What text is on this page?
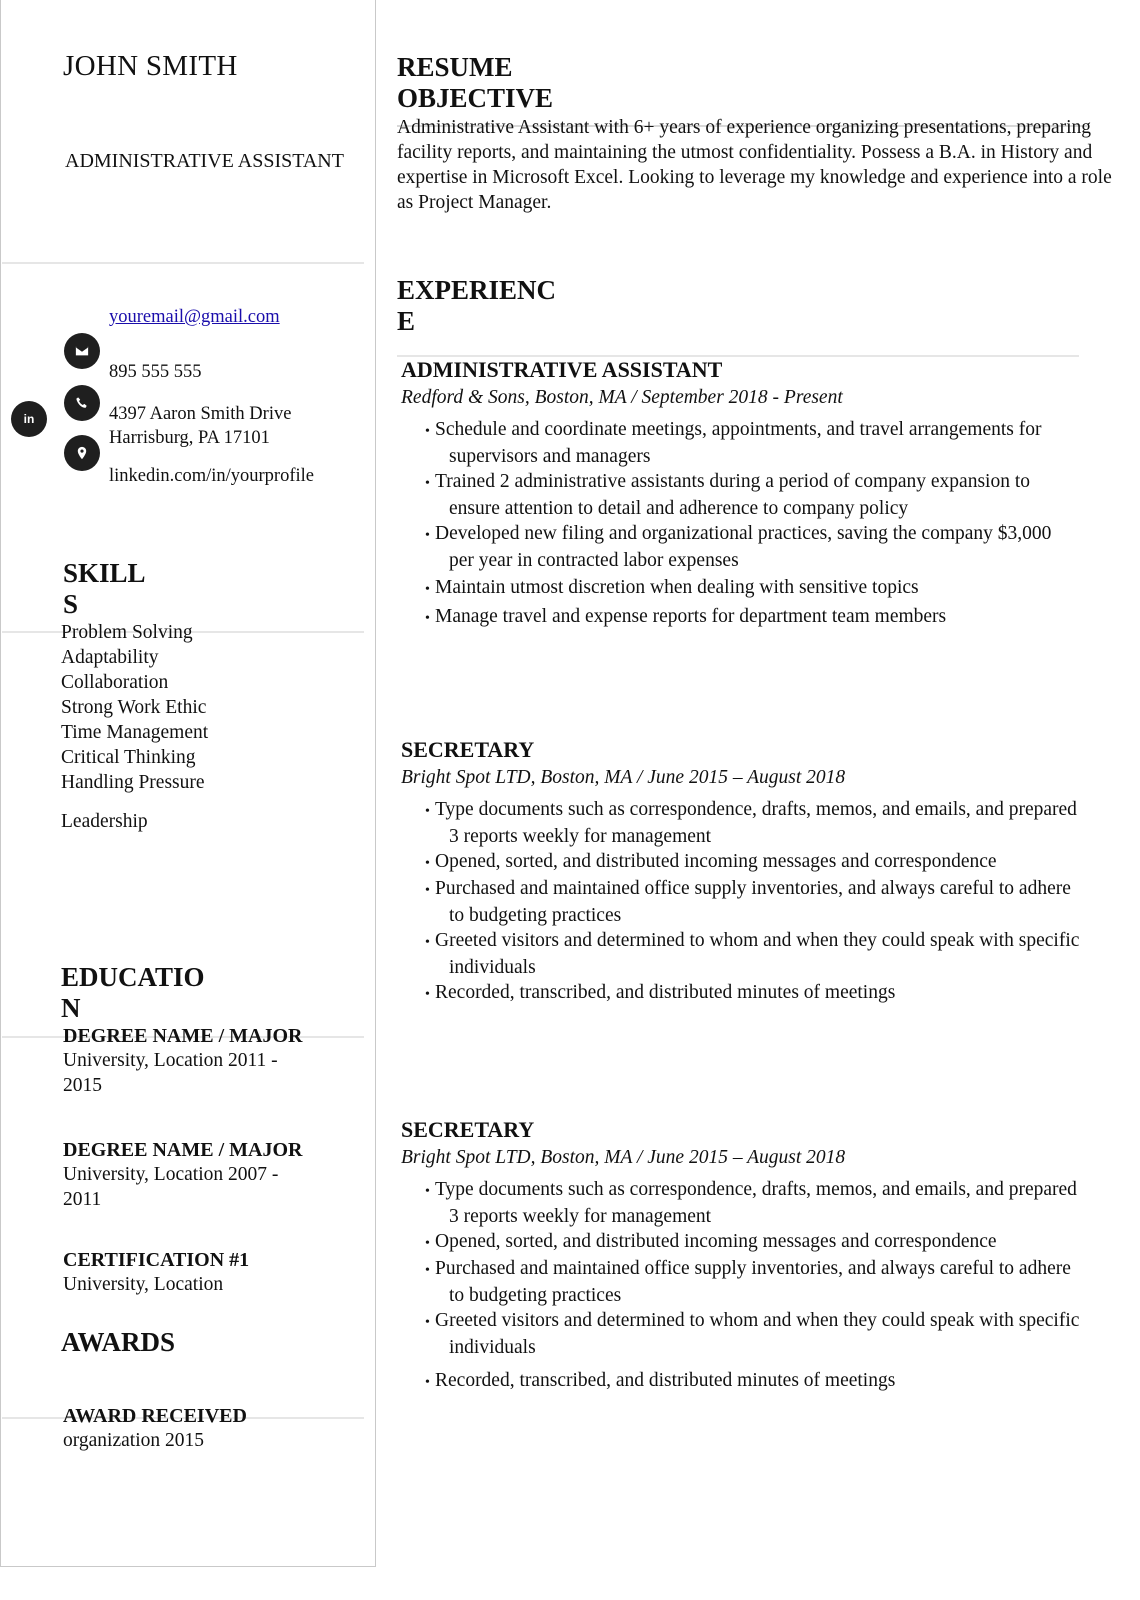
JOHN SMITH
ADMINISTRATIVE ASSISTANT
youremail@gmail.com
895 555 555
in	4397 Aaron Smith Drive
Harrisburg, PA 17101
linkedin.com/in/yourprofile
SKILL
S
Problem Solving
Adaptability
Collaboration
Strong Work Ethic
Time Management
Critical Thinking
Handling Pressure
Leadership
EDUCATIO
N
DEGREE NAME / MAJOR
University, Location 2011 -
2015
DEGREE NAME / MAJOR
University, Location 2007 -
2011
CERTIFICATION #1
University, Location
AWARDS
AWARD RECEIVED
organization 2015
RESUME
OBJECTIVE
Administrative Assistant with 6+ years of experience organizing presentations, preparing facility reports, and maintaining the utmost confidentiality. Possess a B.A. in History and expertise in Microsoft Excel. Looking to leverage my knowledge and experience into a role as Project Manager.
EXPERIENC
E
ADMINISTRATIVE ASSISTANT
Redford & Sons, Boston, MA / September 2018 - Present
• Schedule and coordinate meetings, appointments, and travel arrangements for supervisors and managers
• Trained 2 administrative assistants during a period of company expansion to ensure attention to detail and adherence to company policy
• Developed new filing and organizational practices, saving the company $3,000 per year in contracted labor expenses
• Maintain utmost discretion when dealing with sensitive topics
• Manage travel and expense reports for department team members
SECRETARY
Bright Spot LTD, Boston, MA / June 2015 – August 2018
• Type documents such as correspondence, drafts, memos, and emails, and prepared 3 reports weekly for management
• Opened, sorted, and distributed incoming messages and correspondence
• Purchased and maintained office supply inventories, and always careful to adhere to budgeting practices
• Greeted visitors and determined to whom and when they could speak with specific individuals
• Recorded, transcribed, and distributed minutes of meetings
SECRETARY
Bright Spot LTD, Boston, MA / June 2015 – August 2018
• Type documents such as correspondence, drafts, memos, and emails, and prepared 3 reports weekly for management
• Opened, sorted, and distributed incoming messages and correspondence
• Purchased and maintained office supply inventories, and always careful to adhere to budgeting practices
• Greeted visitors and determined to whom and when they could speak with specific individuals
• Recorded, transcribed, and distributed minutes of meetings
